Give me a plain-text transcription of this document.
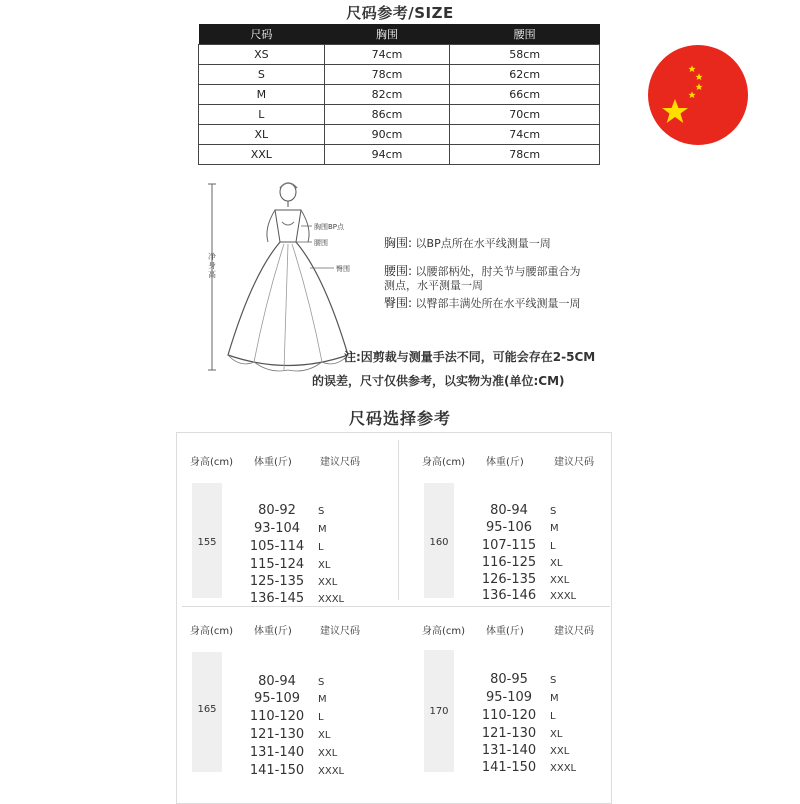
尺码参考/SIZE
尺码	胸围	腰围
XS	74cm	58cm
S	78cm	62cm
M	82cm	66cm
L	86cm	70cm
XL	90cm	74cm
XXL	94cm	78cm
净身高
胸围BP点
腰围
臀围
胸围: 以BP点所在水平线测量一周
腰围: 以腰部柄处，肘关节与腰部重合为测点，水平测量一周
臀围: 以臀部丰满处所在水平线测量一周
注:因剪裁与测量手法不同，可能会存在2-5CM
的误差，尺寸仅供参考，以实物为准(单位:CM)
尺码选择参考
身高(cm) 体重(斤)	建议尺码
155
80-92	S
93-104	M
105-114	L
115-124	XL
125-135	XXL
136-145	XXXL
身高(cm) 体重(斤)	建议尺码
160
80-94	S
95-106	M
107-115	L
116-125	XL
126-135	XXL
136-146	XXXL
身高(cm) 体重(斤)	建议尺码
165
80-94	S
95-109	M
110-120	L
121-130	XL
131-140	XXL
141-150	XXXL
身高(cm) 体重(斤)	建议尺码
170
80-95	S
95-109	M
110-120	L
121-130	XL
131-140	XXL
141-150	XXXL
